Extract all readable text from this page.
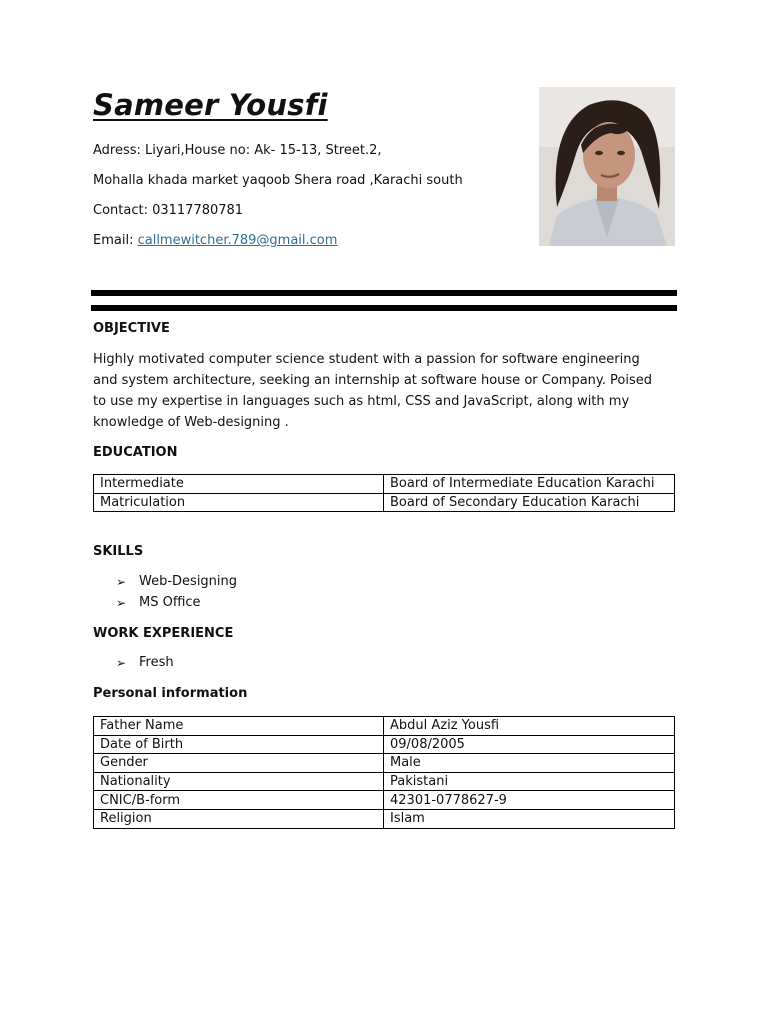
Sameer Yousfi
Adress: Liyari,House no: Ak- 15-13, Street.2,
Mohalla khada market yaqoob Shera road ,Karachi south
Contact: 03117780781
Email: callmewitcher.789@gmail.com
OBJECTIVE
Highly motivated computer science student with a passion for software engineering
and system architecture, seeking an internship at software house or Company. Poised
to use my expertise in languages such as html, CSS and JavaScript, along with my
knowledge of Web-designing .
EDUCATION
Intermediate	Board of Intermediate Education Karachi
Matriculation	Board of Secondary Education Karachi
SKILLS
➢ Web-Designing
➢ MS Office
WORK EXPERIENCE
➢ Fresh
Personal information
Father Name	Abdul Aziz Yousfi
Date of Birth	09/08/2005
Gender	Male
Nationality	Pakistani
CNIC/B-form	42301-0778627-9
Religion	Islam
